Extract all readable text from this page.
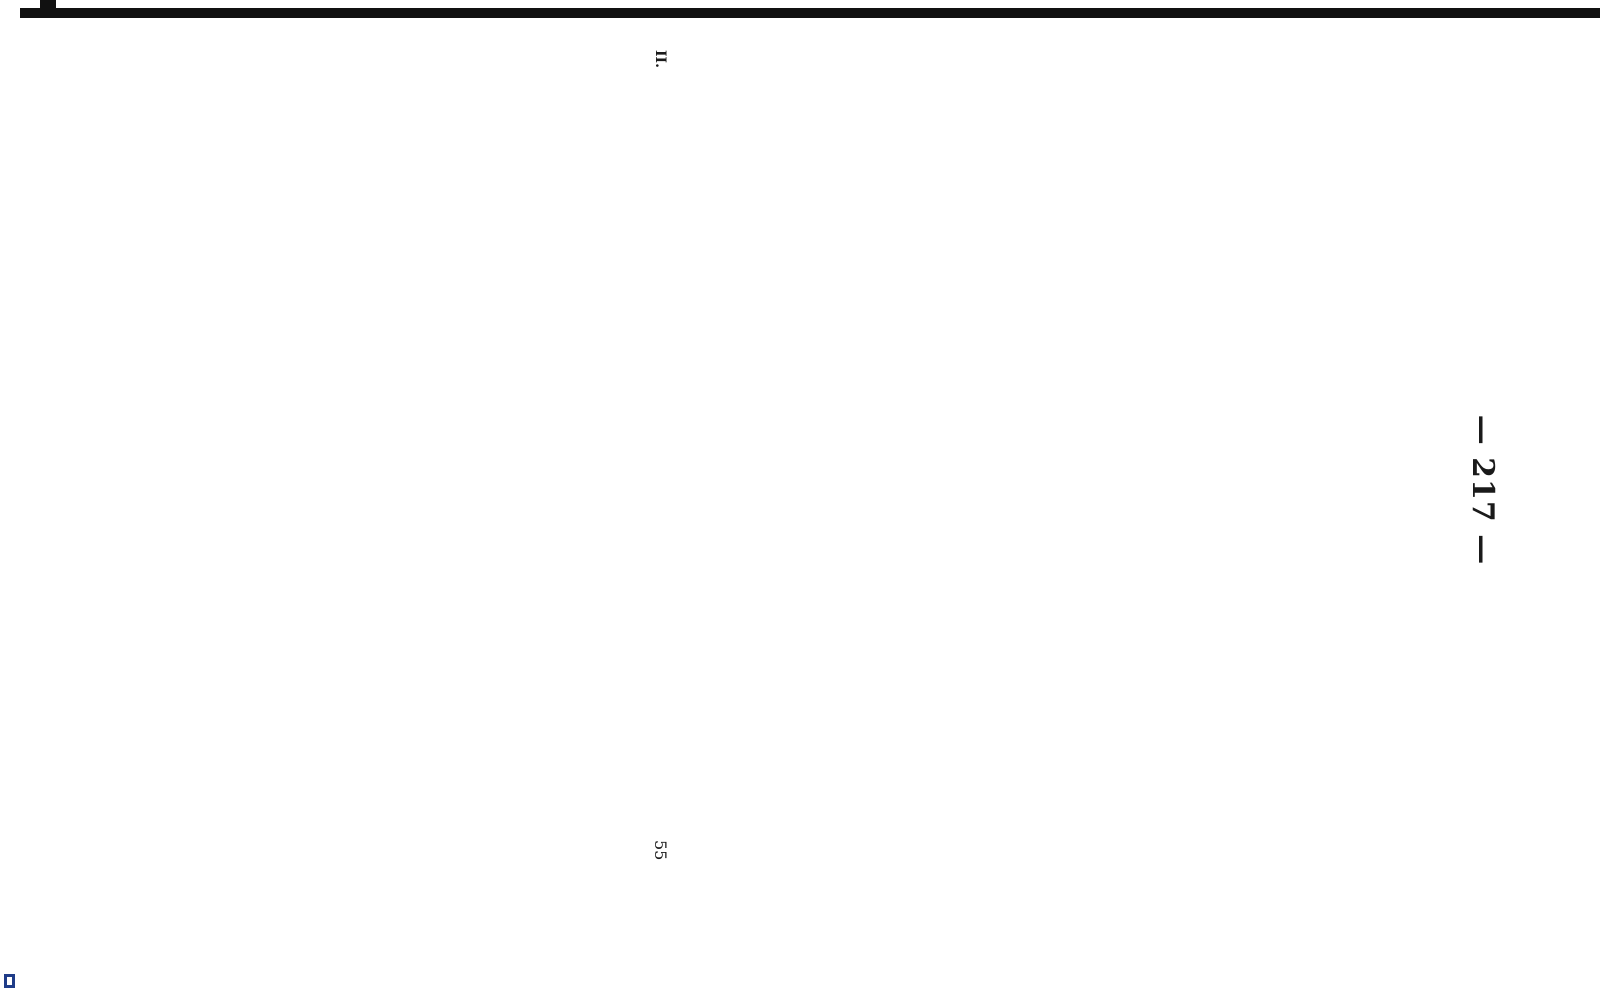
— 217 —
II.
55
